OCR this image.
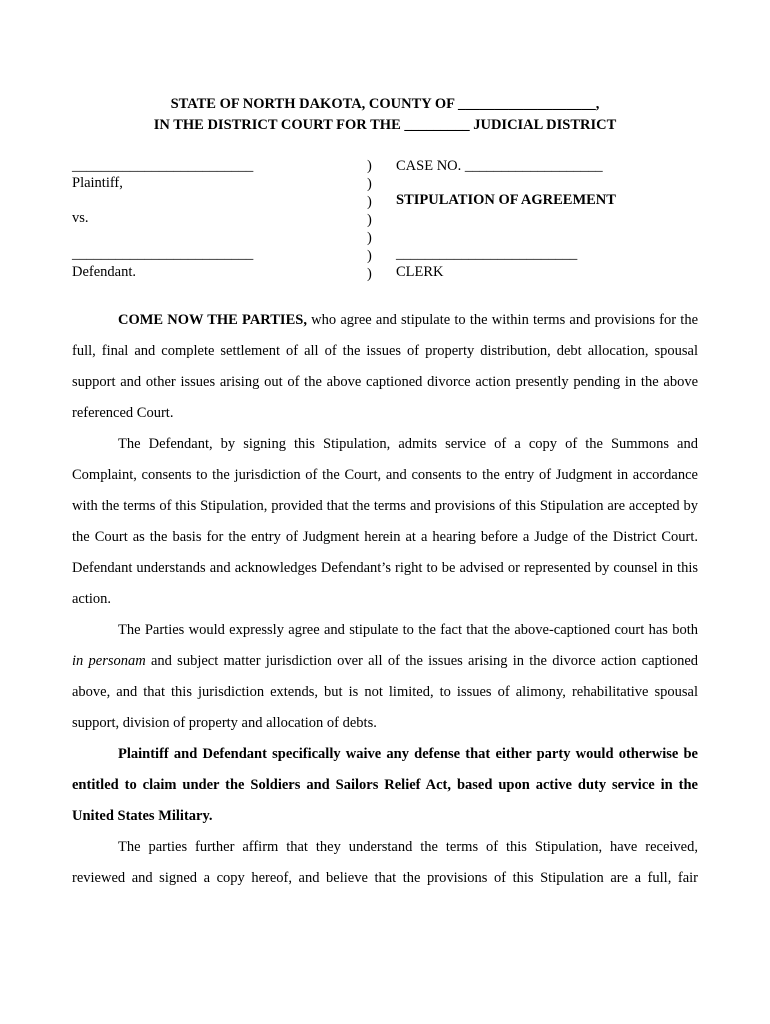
STATE OF NORTH DAKOTA, COUNTY OF ___________________,
IN THE DISTRICT COURT FOR THE _________ JUDICIAL DISTRICT
_________________________
Plaintiff,
vs.
_________________________
Defendant.
)
)
)
)
)
)
)
CASE NO. ___________________
STIPULATION OF AGREEMENT
_________________________
CLERK

COME NOW THE PARTIES, who agree and stipulate to the within terms and provisions for the full, final and complete settlement of all of the issues of property distribution, debt allocation, spousal support and other issues arising out of the above captioned divorce action presently pending in the above referenced Court.

The Defendant, by signing this Stipulation, admits service of a copy of the Summons and Complaint, consents to the jurisdiction of the Court, and consents to the entry of Judgment in accordance with the terms of this Stipulation, provided that the terms and provisions of this Stipulation are accepted by the Court as the basis for the entry of Judgment herein at a hearing before a Judge of the District Court. Defendant understands and acknowledges Defendant’s right to be advised or represented by counsel in this action.

The Parties would expressly agree and stipulate to the fact that the above-captioned court has both in personam and subject matter jurisdiction over all of the issues arising in the divorce action captioned above, and that this jurisdiction extends, but is not limited, to issues of alimony, rehabilitative spousal support, division of property and allocation of debts.

Plaintiff and Defendant specifically waive any defense that either party would otherwise be entitled to claim under the Soldiers and Sailors Relief Act, based upon active duty service in the United States Military.

The parties further affirm that they understand the terms of this Stipulation, have received, reviewed and signed a copy hereof, and believe that the provisions of this Stipulation are a full, fair
